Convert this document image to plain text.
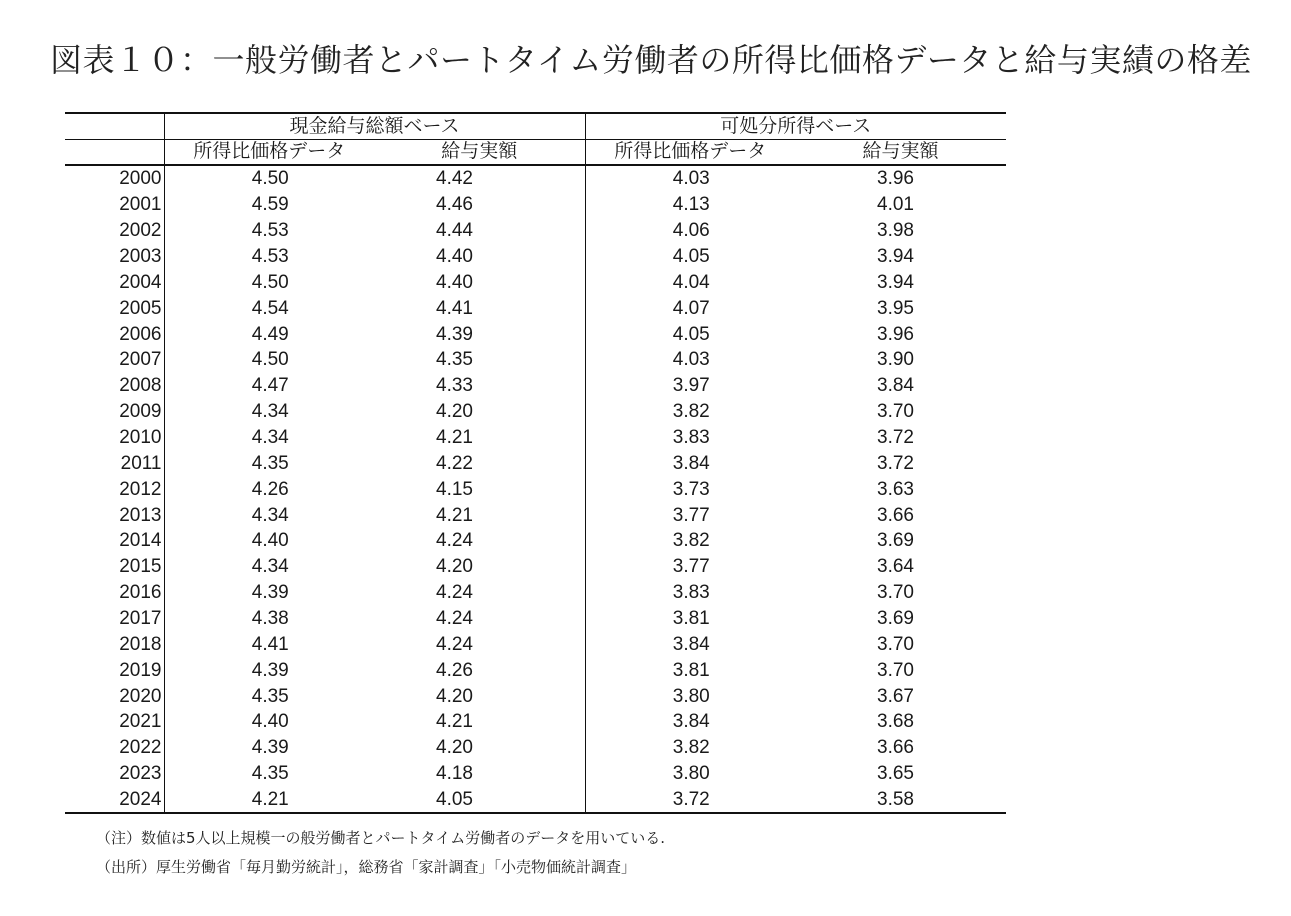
図表１０：一般労働者とパートタイム労働者の所得比価格データと給与実績の格差
	現金給与総額ベース		可処分所得ベース	
	所得比価格データ	給与実額	所得比価格データ	給与実額
2000	4.50	4.42	4.03	3.96
2001	4.59	4.46	4.13	4.01
2002	4.53	4.44	4.06	3.98
2003	4.53	4.40	4.05	3.94
2004	4.50	4.40	4.04	3.94
2005	4.54	4.41	4.07	3.95
2006	4.49	4.39	4.05	3.96
2007	4.50	4.35	4.03	3.90
2008	4.47	4.33	3.97	3.84
2009	4.34	4.20	3.82	3.70
2010	4.34	4.21	3.83	3.72
2011	4.35	4.22	3.84	3.72
2012	4.26	4.15	3.73	3.63
2013	4.34	4.21	3.77	3.66
2014	4.40	4.24	3.82	3.69
2015	4.34	4.20	3.77	3.64
2016	4.39	4.24	3.83	3.70
2017	4.38	4.24	3.81	3.69
2018	4.41	4.24	3.84	3.70
2019	4.39	4.26	3.81	3.70
2020	4.35	4.20	3.80	3.67
2021	4.40	4.21	3.84	3.68
2022	4.39	4.20	3.82	3.66
2023	4.35	4.18	3.80	3.65
2024	4.21	4.05	3.72	3.58

（注）数値は5人以上規模一の般労働者とパートタイム労働者のデータを用いている.

（出所）厚生労働省「毎月勤労統計」，総務省「家計調査」「小売物価統計調査」
